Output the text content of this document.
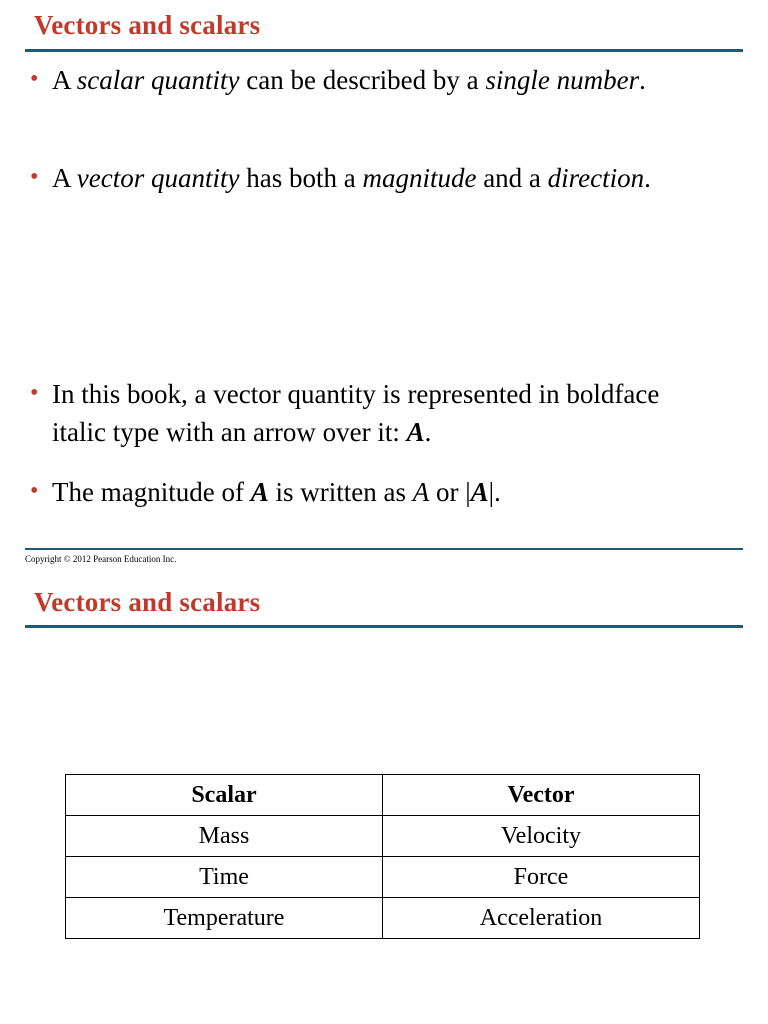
Vectors and scalars
• A scalar quantity can be described by a single number.
• A vector quantity has both a magnitude and a direction.
• In this book, a vector quantity is represented in boldface italic type with an arrow over it: A.
• The magnitude of A is written as A or |A|.
Copyright © 2012 Pearson Education Inc.
Vectors and scalars
Scalar	Vector
Mass	Velocity
Time	Force
Temperature	Acceleration
